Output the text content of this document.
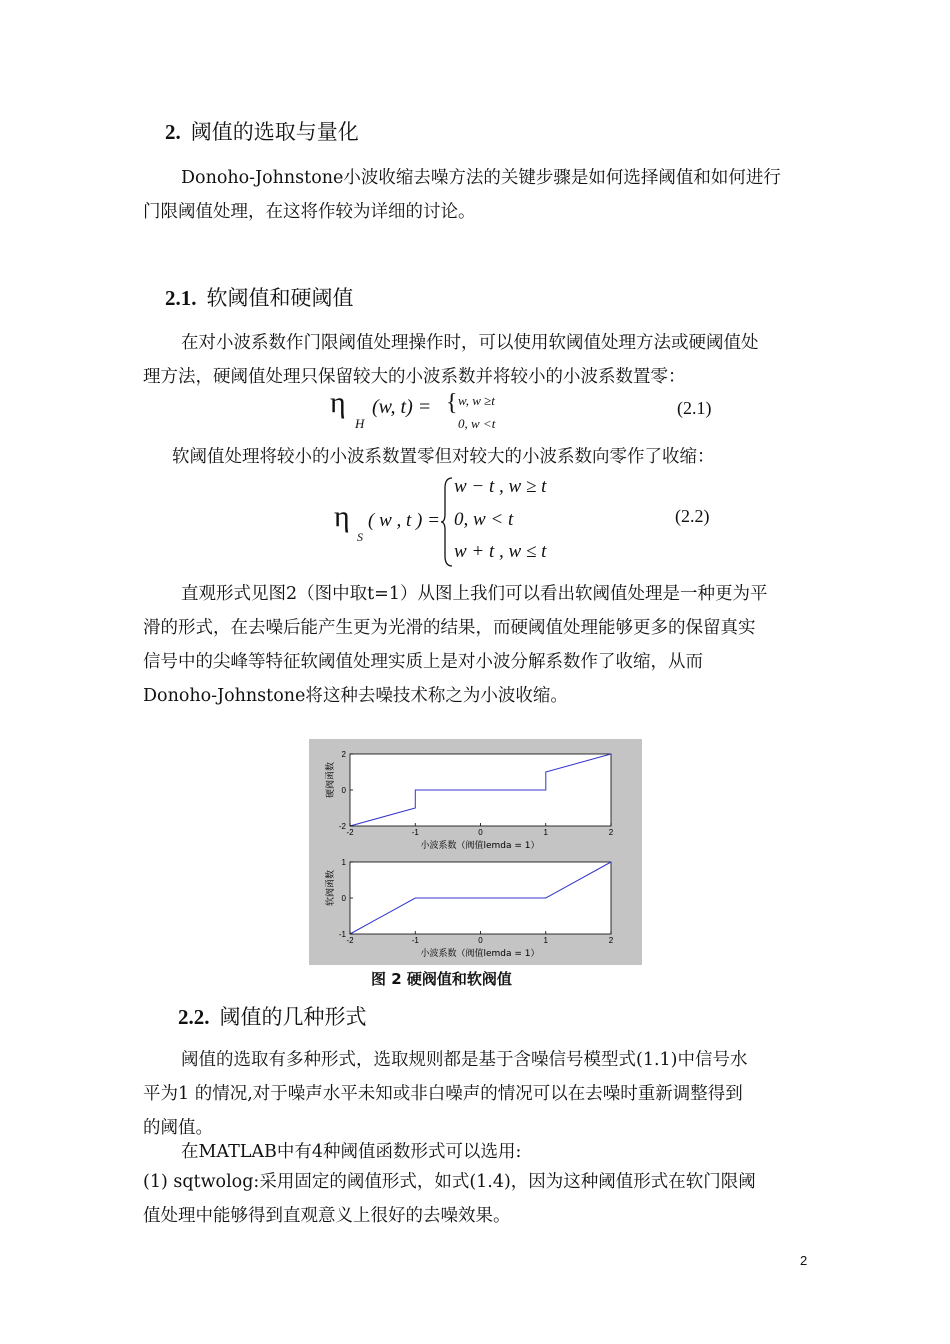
2. 阈值的选取与量化
Donoho-Johnstone小波收缩去噪方法的关键步骤是如何选择阈值和如何进行
门限阈值处理，在这将作较为详细的讨论。
2.1. 软阈值和硬阈值
在对小波系数作门限阈值处理操作时，可以使用软阈值处理方法或硬阈值处
理方法，硬阈值处理只保留较大的小波系数并将较小的小波系数置零：
η
H
(w, t) = { w, w ≥t
0, w <t
(2.1)
软阈值处理将较小的小波系数置零但对较大的小波系数向零作了收缩：
η
S
( w , t ) =
w − t , w ≥ t
0, w < t
w + t , w ≤ t
(2.2)
直观形式见图2（图中取t=1）从图上我们可以看出软阈值处理是一种更为平
滑的形式，在去噪后能产生更为光滑的结果，而硬阈值处理能够更多的保留真实
信号中的尖峰等特征软阈值处理实质上是对小波分解系数作了收缩，从而
Donoho-Johnstone将这种去噪技术称之为小波收缩。
2
0
-2
-2	-1	0	1	2
硬阀函数
小波系数（阀值lemda = 1）
1
0
-1
-2	-1	0	1	2
软阀函数
小波系数（阀值lemda = 1）
图 2 硬阀值和软阀值
2.2. 阈值的几种形式
阈值的选取有多种形式，选取规则都是基于含噪信号模型式(1.1)中信号水
平为1 的情况,对于噪声水平未知或非白噪声的情况可以在去噪时重新调整得到
的阈值。
在MATLAB中有4种阈值函数形式可以选用:
(1) sqtwolog:采用固定的阈值形式，如式(1.4)，因为这种阈值形式在软门限阈
值处理中能够得到直观意义上很好的去噪效果。
2
